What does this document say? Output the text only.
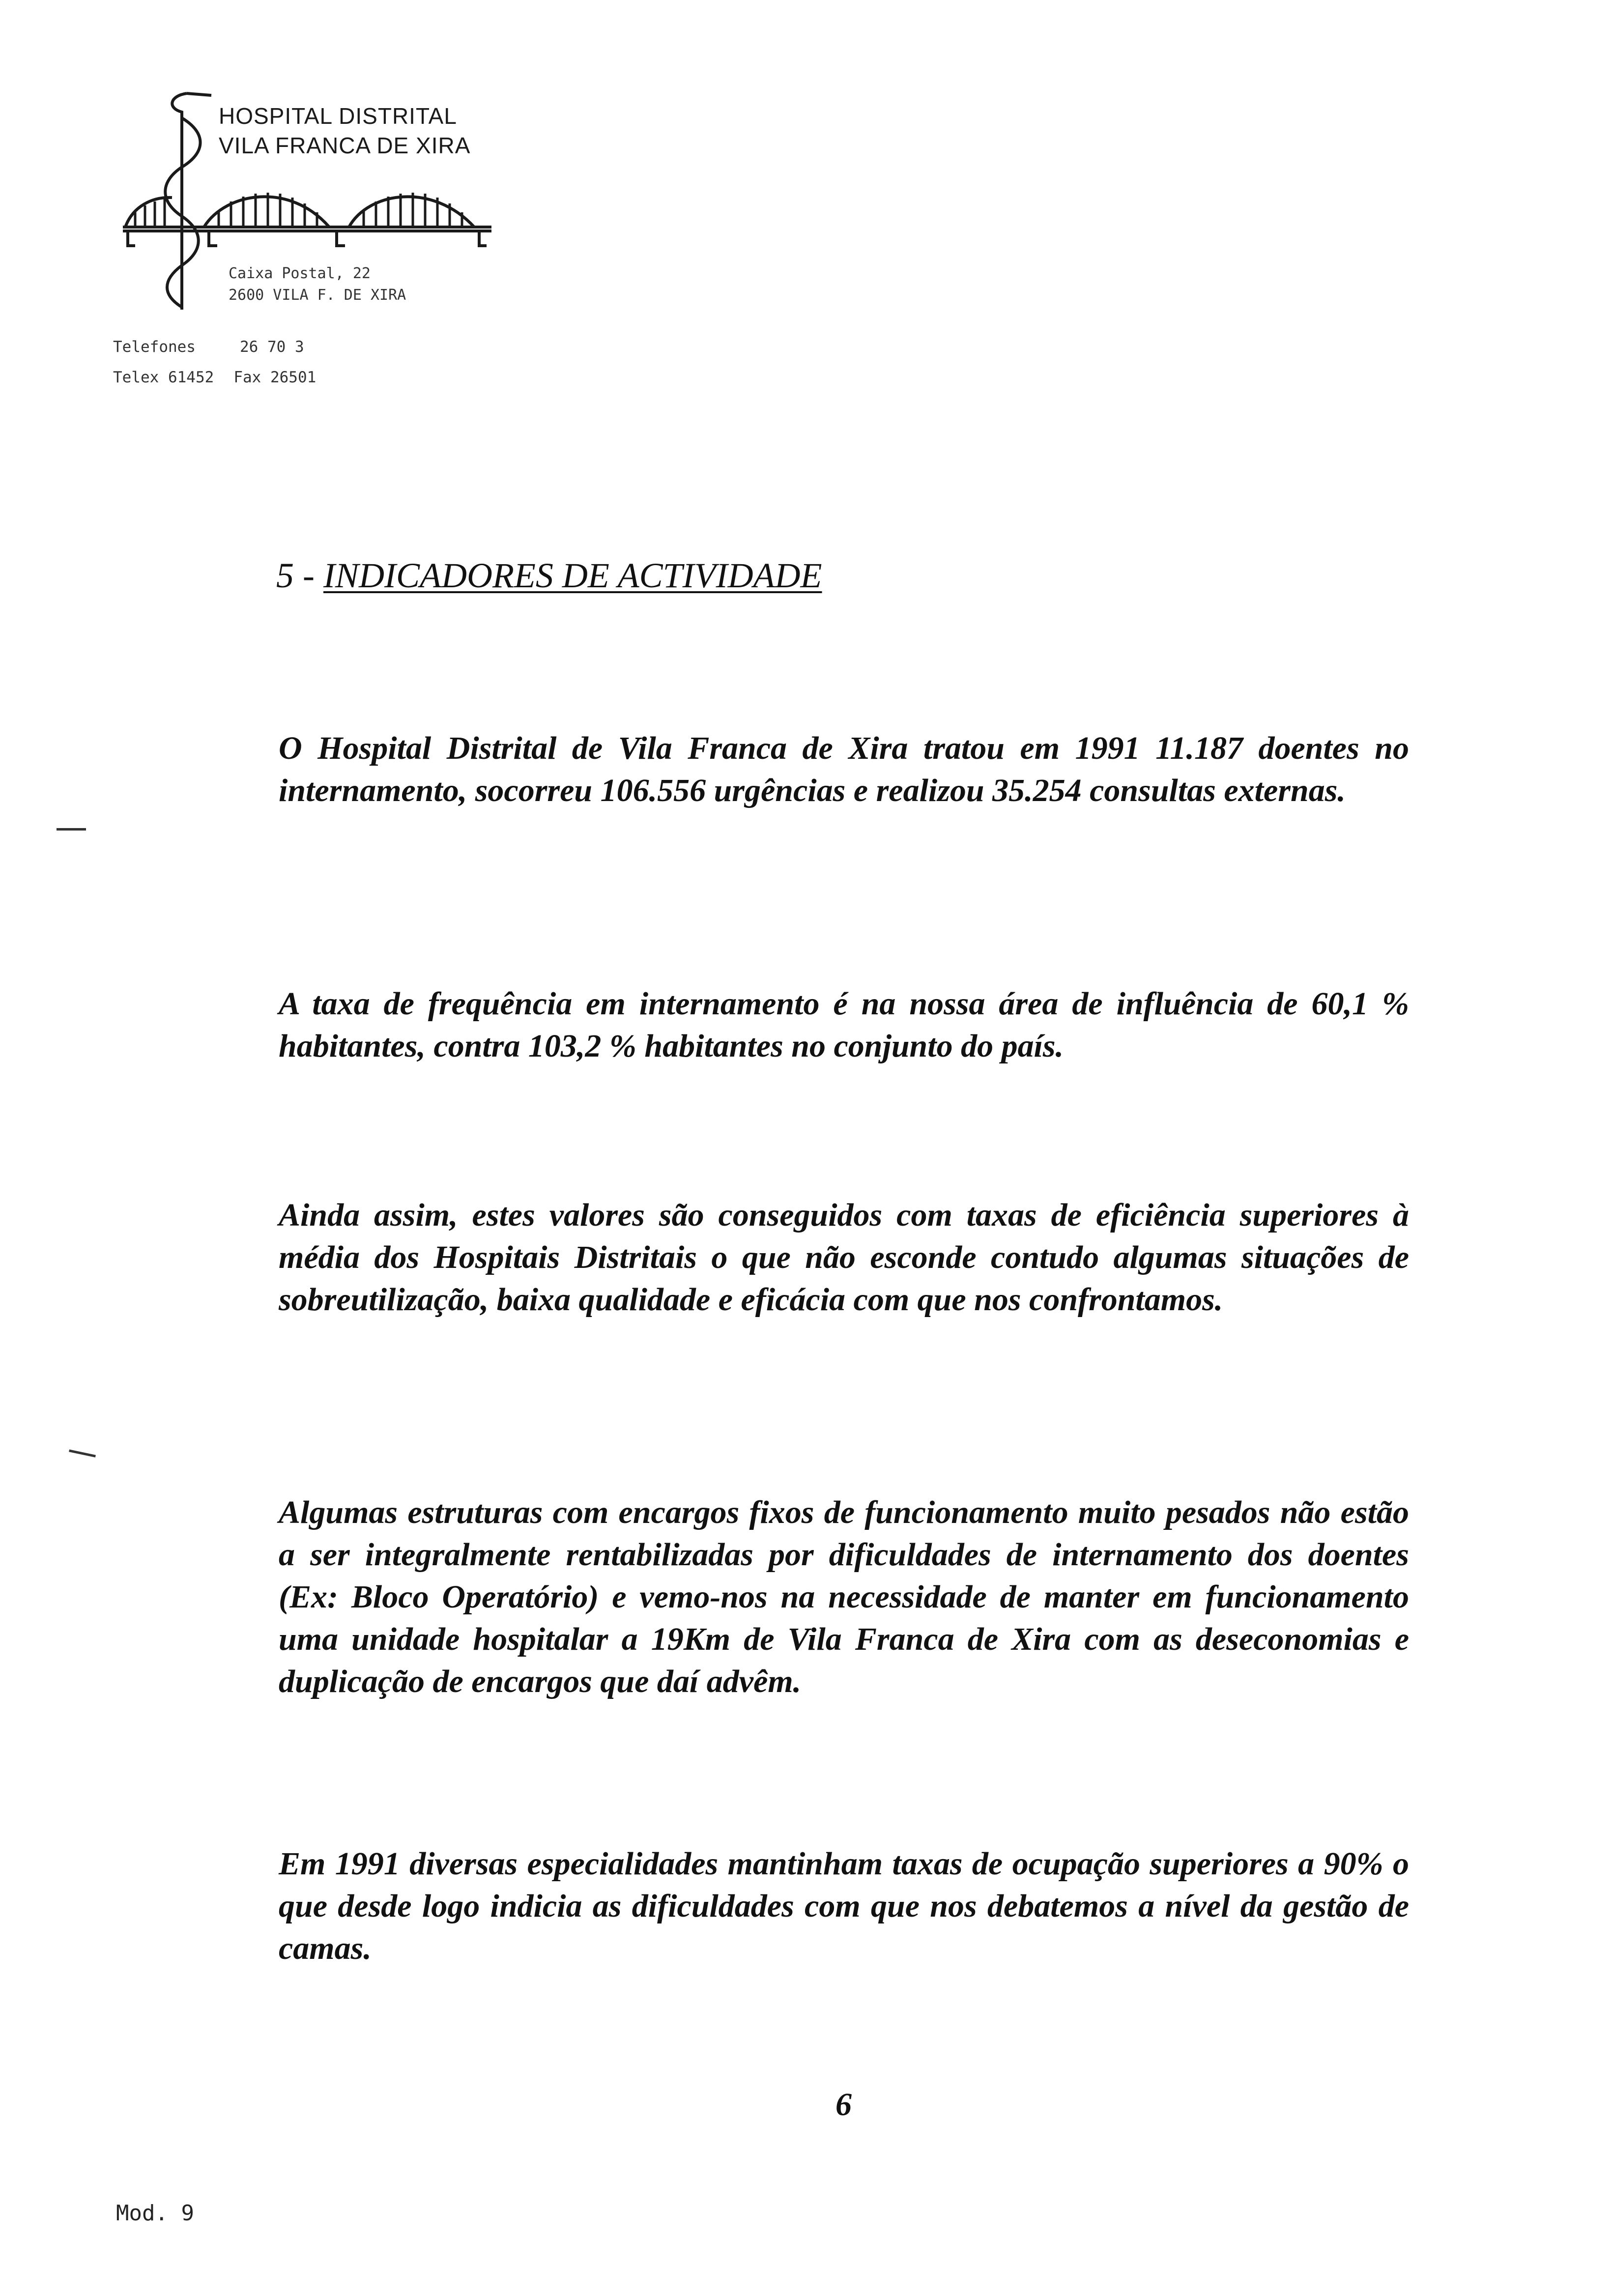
HOSPITAL DISTRITAL
VILA FRANCA DE XIRA
Caixa Postal, 22
2600 VILA F. DE XIRA
Telefones	26 70 3
Telex 61452 Fax 26501
5 - INDICADORES DE ACTIVIDADE

O Hospital Distrital de Vila Franca de Xira tratou em 1991 11.187 doentes no internamento, socorreu 106.556 urgências e realizou 35.254 consultas externas.

A taxa de frequência em internamento é na nossa área de influência de 60,1 % habitantes, contra 103,2 % habitantes no conjunto do país.

Ainda assim, estes valores são conseguidos com taxas de eficiência superiores à média dos Hospitais Distritais o que não esconde contudo algumas situações de sobreutilização, baixa qualidade e eficácia com que nos confrontamos.

Algumas estruturas com encargos fixos de funcionamento muito pesados não estão a ser integralmente rentabilizadas por dificuldades de internamento dos doentes (Ex: Bloco Operatório) e vemo-nos na necessidade de manter em funcionamento uma unidade hospitalar a 19Km de Vila Franca de Xira com as deseconomias e duplicação de encargos que daí advêm.

Em 1991 diversas especialidades mantinham taxas de ocupação superiores a 90% o que desde logo indicia as dificuldades com que nos debatemos a nível da gestão de camas.

6
Mod. 9
